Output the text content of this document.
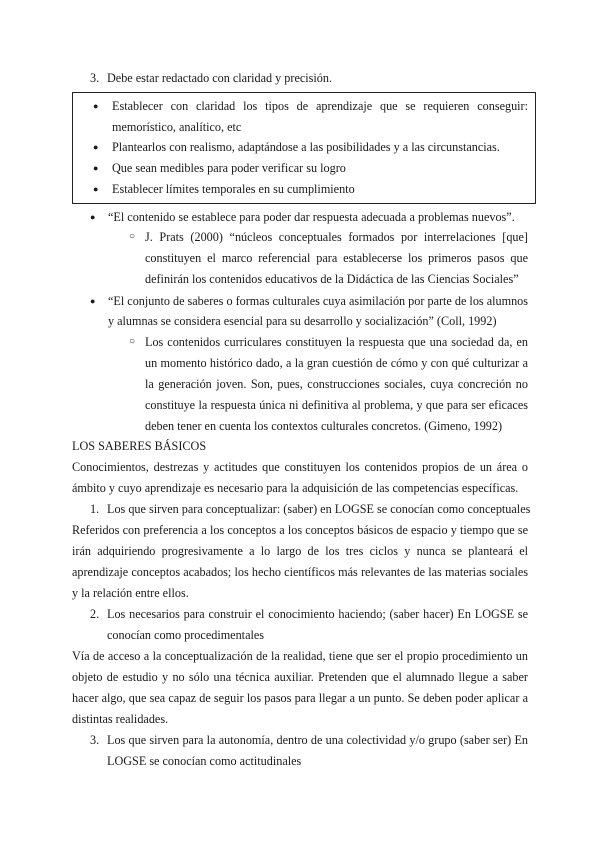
3. Debe estar redactado con claridad y precisión.
● Establecer con claridad los tipos de aprendizaje que se requieren conseguir:
memorístico, analítico, etc
● Plantearlos con realismo, adaptándose a las posibilidades y a las circunstancias.
● Que sean medibles para poder verificar su logro
● Establecer límites temporales en su cumplimiento
● “El contenido se establece para poder dar respuesta adecuada a problemas nuevos”.
○ J. Prats (2000) “núcleos conceptuales formados por interrelaciones [que]
constituyen el marco referencial para establecerse los primeros pasos que
definirán los contenidos educativos de la Didáctica de las Ciencias Sociales”
● “El conjunto de saberes o formas culturales cuya asimilación por parte de los alumnos
y alumnas se considera esencial para su desarrollo y socialización” (Coll, 1992)
○ Los contenidos curriculares constituyen la respuesta que una sociedad da, en
un momento histórico dado, a la gran cuestión de cómo y con qué culturizar a
la generación joven. Son, pues, construcciones sociales, cuya concreción no
constituye la respuesta única ni definitiva al problema, y que para ser eficaces
deben tener en cuenta los contextos culturales concretos. (Gimeno, 1992)
LOS SABERES BÁSICOS
Conocimientos, destrezas y actitudes que constituyen los contenidos propios de un área o
ámbito y cuyo aprendizaje es necesario para la adquisición de las competencias específicas.
1. Los que sirven para conceptualizar: (saber) en LOGSE se conocían como conceptuales
Referidos con preferencia a los conceptos a los conceptos básicos de espacio y tiempo que se
irán adquiriendo progresivamente a lo largo de los tres ciclos y nunca se planteará el
aprendizaje conceptos acabados; los hecho científicos más relevantes de las materias sociales
y la relación entre ellos.
2. Los necesarios para construir el conocimiento haciendo; (saber hacer) En LOGSE se
conocían como procedimentales
Vía de acceso a la conceptualización de la realidad, tiene que ser el propio procedimiento un
objeto de estudio y no sólo una técnica auxiliar. Pretenden que el alumnado llegue a saber
hacer algo, que sea capaz de seguir los pasos para llegar a un punto. Se deben poder aplicar a
distintas realidades.
3. Los que sirven para la autonomía, dentro de una colectividad y/o grupo (saber ser) En
LOGSE se conocían como actitudinales
